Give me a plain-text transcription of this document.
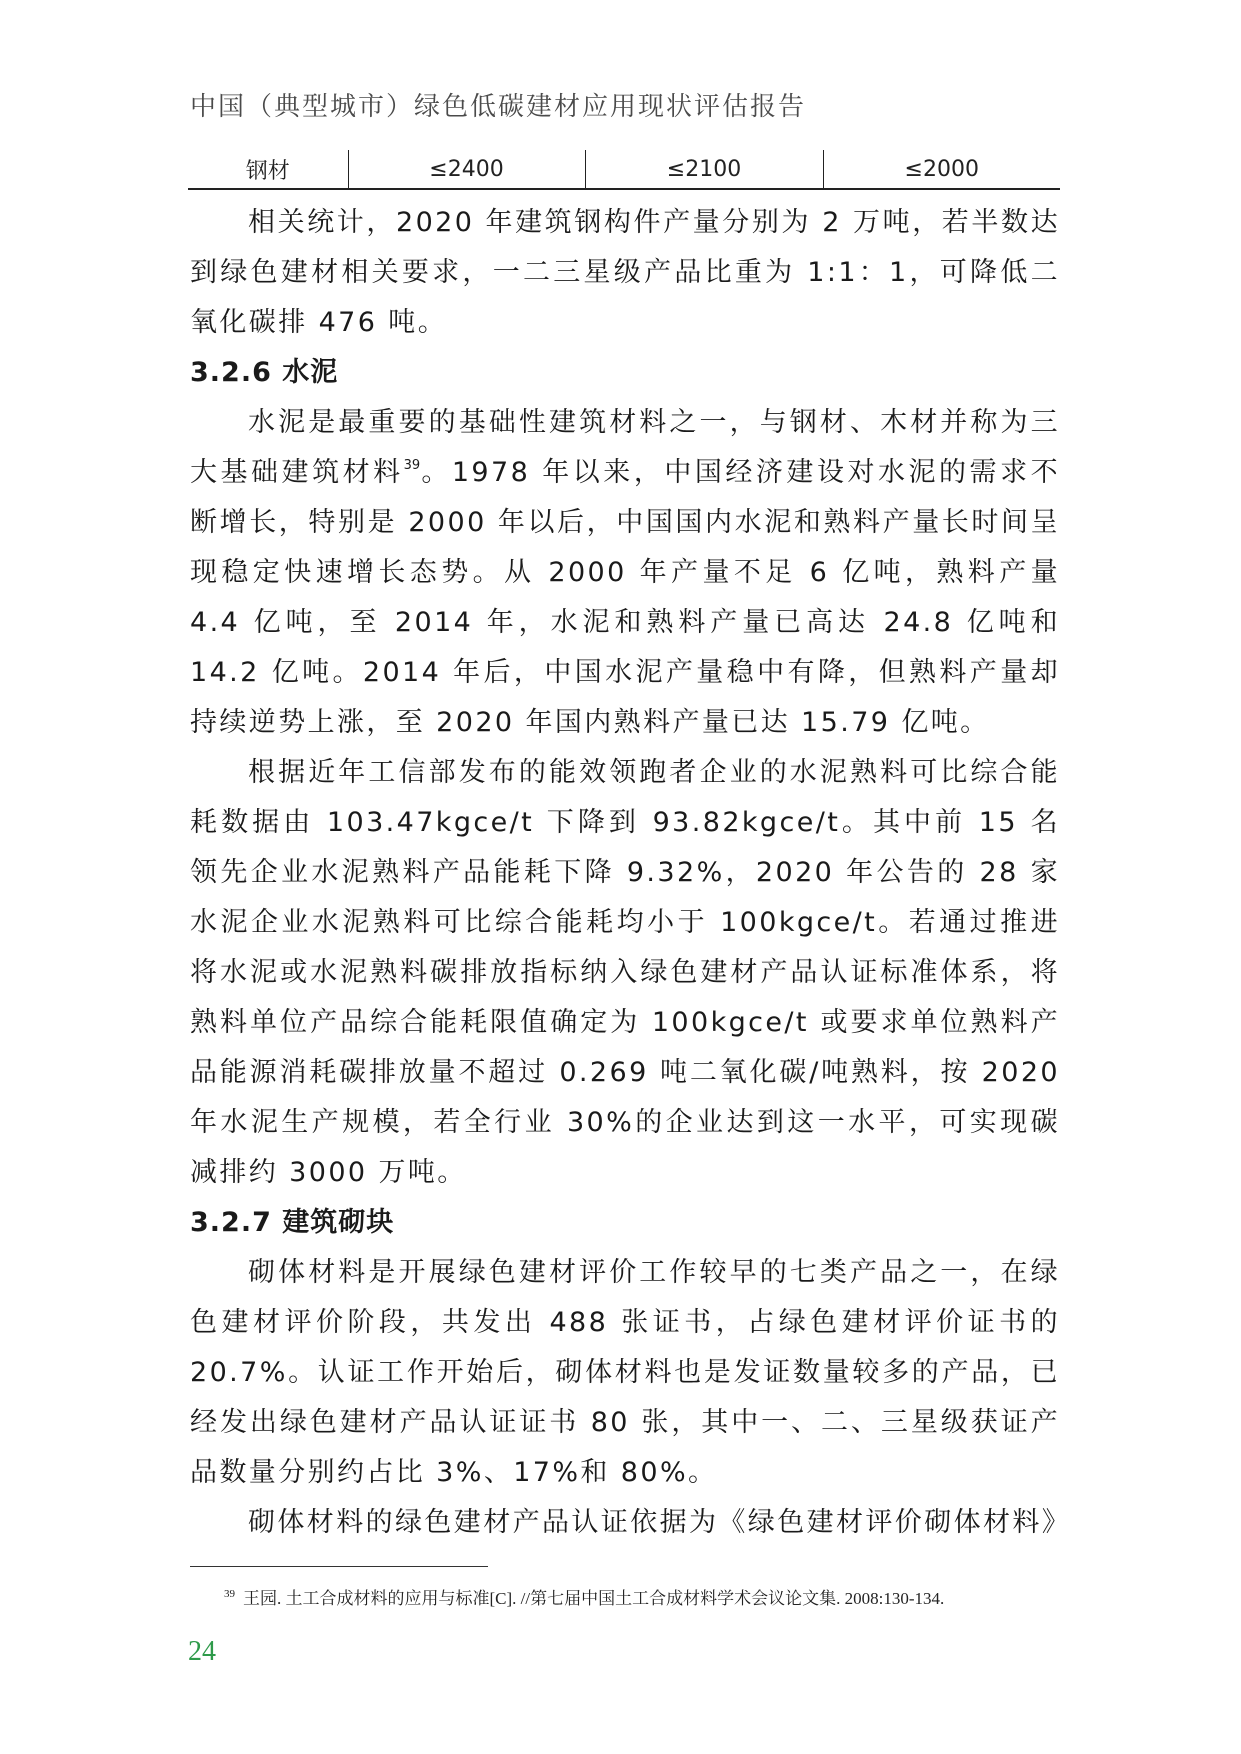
中国（典型城市）绿色低碳建材应用现状评估报告
钢材	≤2400	≤2100	≤2000

相关统计，2020 年建筑钢构件产量分别为 2 万吨，若半数达到绿色建材相关要求，一二三星级产品比重为 1:1：1，可降低二氧化碳排 476 吨。

3.2.6 水泥

水泥是最重要的基础性建筑材料之一，与钢材、木材并称为三大基础建筑材料$^{39}$。1978 年以来，中国经济建设对水泥的需求不断增长，特别是 2000 年以后，中国国内水泥和熟料产量长时间呈现稳定快速增长态势。从 2000 年产量不足 6 亿吨，熟料产量 4.4 亿吨，至 2014 年，水泥和熟料产量已高达 24.8 亿吨和 14.2 亿吨。2014 年后，中国水泥产量稳中有降，但熟料产量却持续逆势上涨，至 2020 年国内熟料产量已达 15.79 亿吨。

根据近年工信部发布的能效领跑者企业的水泥熟料可比综合能耗数据由 103.47kgce/t 下降到 93.82kgce/t。其中前 15 名领先企业水泥熟料产品能耗下降 9.32%，2020 年公告的 28 家水泥企业水泥熟料可比综合能耗均小于 100kgce/t。若通过推进将水泥或水泥熟料碳排放指标纳入绿色建材产品认证标准体系，将熟料单位产品综合能耗限值确定为 100kgce/t 或要求单位熟料产品能源消耗碳排放量不超过 0.269 吨二氧化碳/吨熟料，按 2020 年水泥生产规模，若全行业 30%的企业达到这一水平，可实现碳减排约 3000 万吨。

3.2.7 建筑砌块

砌体材料是开展绿色建材评价工作较早的七类产品之一，在绿色建材评价阶段，共发出 488 张证书，占绿色建材评价证书的 20.7%。认证工作开始后，砌体材料也是发证数量较多的产品，已经发出绿色建材产品认证证书 80 张，其中一、二、三星级获证产品数量分别约占比 3%、17%和 80%。

砌体材料的绿色建材产品认证依据为《绿色建材评价砌体材料》

$^{39}$ 王园. 土工合成材料的应用与标准[C]. //第七届中国土工合成材料学术会议论文集. 2008:130-134.
24
